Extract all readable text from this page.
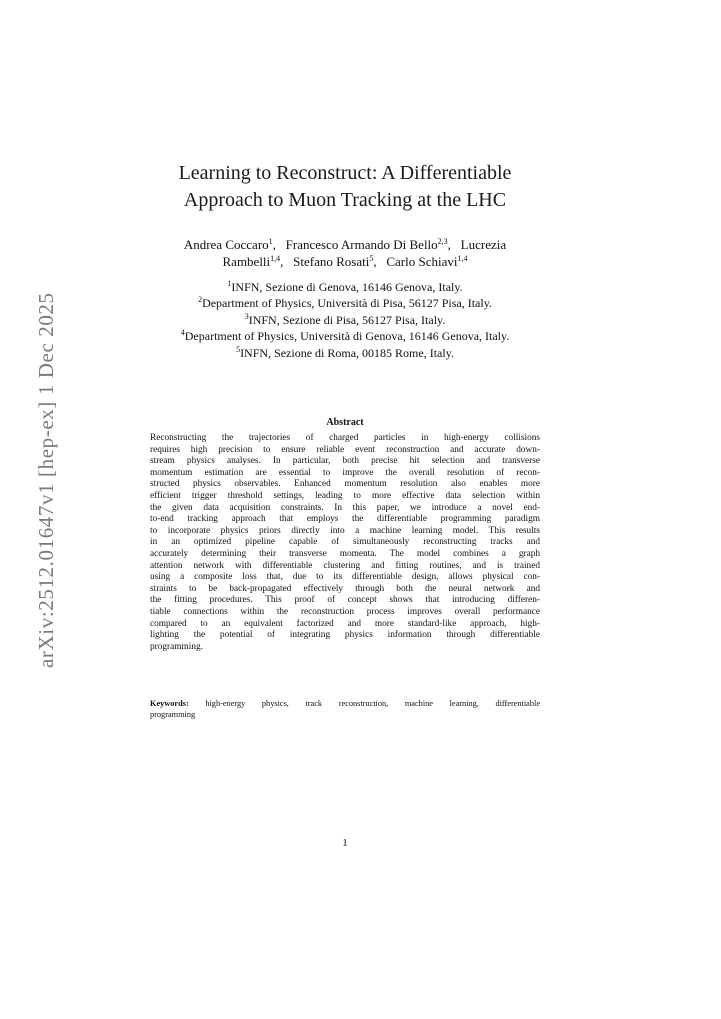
arXiv:2512.01647v1 [hep-ex] 1 Dec 2025
Learning to Reconstruct: A Differentiable
Approach to Muon Tracking at the LHC
Andrea Coccaro$^1$,   Francesco Armando Di Bello$^{2,3}$,   Lucrezia
Rambelli$^{1,4}$,   Stefano Rosati$^5$,   Carlo Schiavi$^{1,4}$
$^1$INFN, Sezione di Genova, 16146 Genova, Italy.
$^2$Department of Physics, Università di Pisa, 56127 Pisa, Italy.
$^3$INFN, Sezione di Pisa, 56127 Pisa, Italy.
$^4$Department of Physics, Università di Genova, 16146 Genova, Italy.
$^5$INFN, Sezione di Roma, 00185 Rome, Italy.
Abstract
Reconstructing the trajectories of charged particles in high-energy collisions
requires high precision to ensure reliable event reconstruction and accurate down-
stream physics analyses. In particular, both precise hit selection and transverse
momentum estimation are essential to improve the overall resolution of recon-
structed physics observables. Enhanced momentum resolution also enables more
efficient trigger threshold settings, leading to more effective data selection within
the given data acquisition constraints. In this paper, we introduce a novel end-
to-end tracking approach that employs the differentiable programming paradigm
to incorporate physics priors directly into a machine learning model. This results
in an optimized pipeline capable of simultaneously reconstructing tracks and
accurately determining their transverse momenta. The model combines a graph
attention network with differentiable clustering and fitting routines, and is trained
using a composite loss that, due to its differentiable design, allows physical con-
straints to be back-propagated effectively through both the neural network and
the fitting procedures. This proof of concept shows that introducing differen-
tiable connections within the reconstruction process improves overall performance
compared to an equivalent factorized and more standard-like approach, high-
lighting the potential of integrating physics information through differentiable
programming.
Keywords: high-energy physics, track reconstruction, machine learning, differentiable
programming
1
